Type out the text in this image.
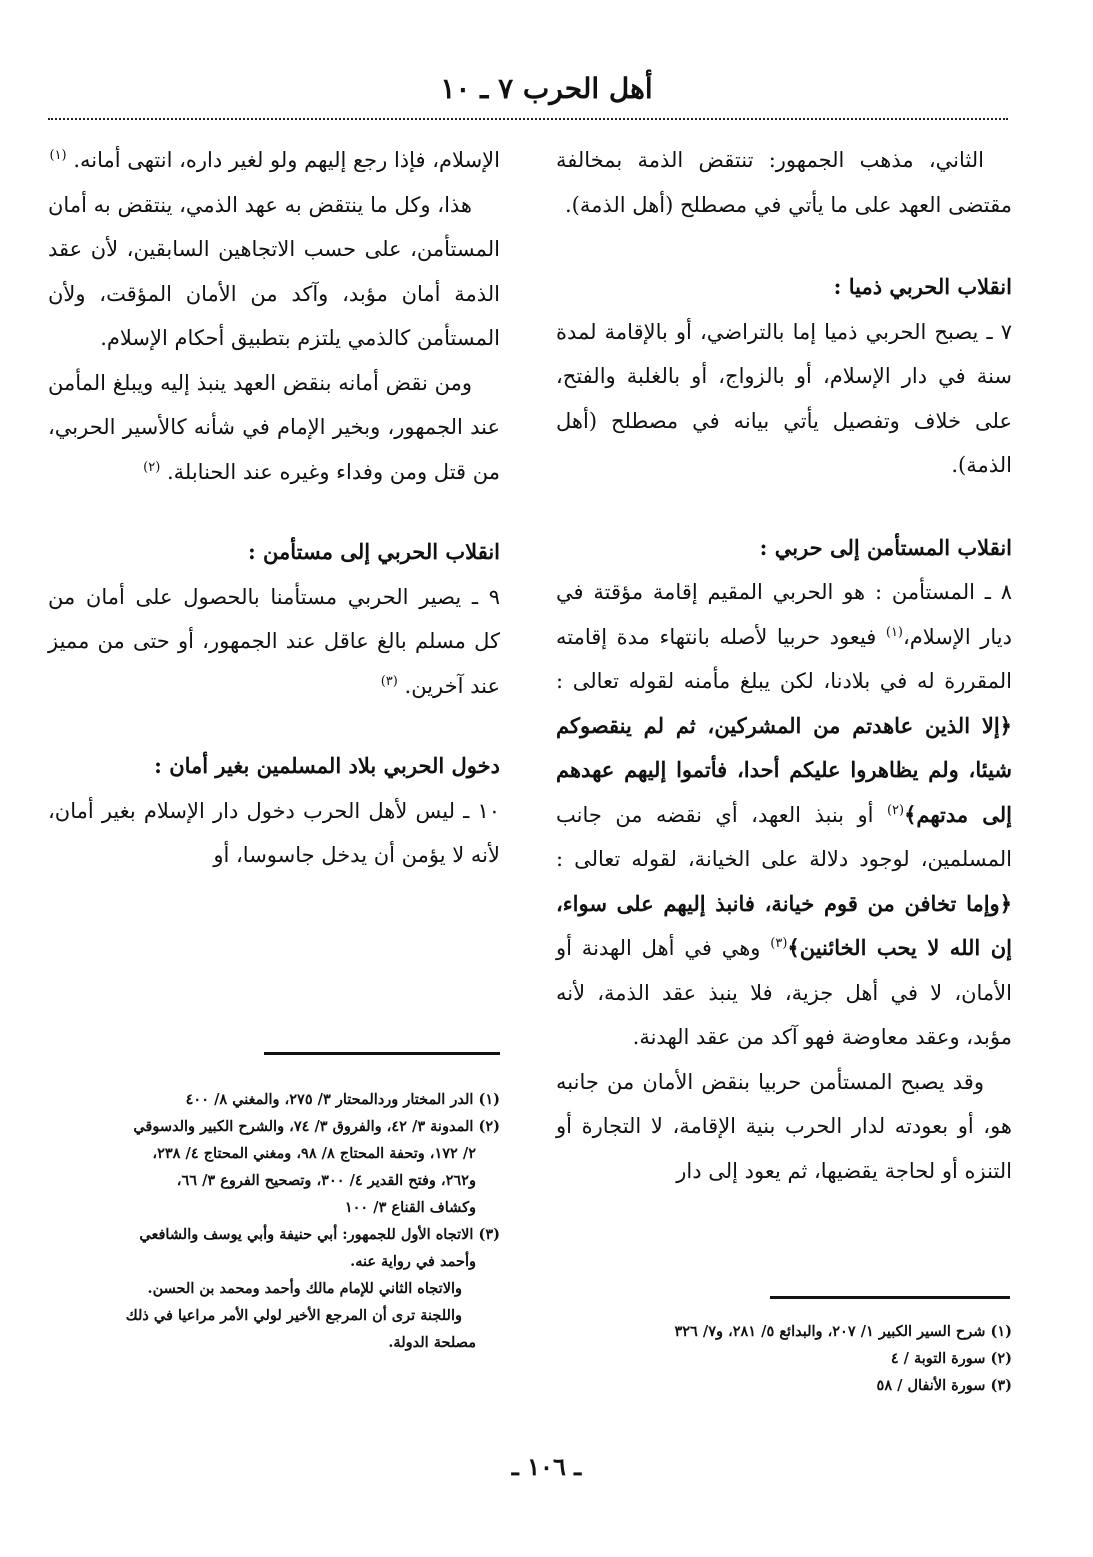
أهل الحرب ٧ ـ ١٠

الثاني، مذهب الجمهور: تنتقض الذمة بمخالفة مقتضى العهد على ما يأتي في مصطلح (أهل الذمة).

انقلاب الحربي ذميا :

٧ ـ يصبح الحربي ذميا إما بالتراضي، أو بالإقامة لمدة سنة في دار الإسلام، أو بالزواج، أو بالغلبة والفتح، على خلاف وتفصيل يأتي بيانه في مصطلح (أهل الذمة).

انقلاب المستأمن إلى حربي :

٨ ـ المستأمن : هو الحربي المقيم إقامة مؤقتة في ديار الإسلام،$^{(١)}$ فيعود حربيا لأصله بانتهاء مدة إقامته المقررة له في بلادنا، لكن يبلغ مأمنه لقوله تعالى : ﴿إلا الذين عاهدتم من المشركين، ثم لم ينقصوكم شيئا، ولم يظاهروا عليكم أحدا، فأتموا إليهم عهدهم إلى مدتهم﴾$^{(٢)}$ أو بنبذ العهد، أي نقضه من جانب المسلمين، لوجود دلالة على الخيانة، لقوله تعالى : ﴿وإما تخافن من قوم خيانة، فانبذ إليهم على سواء، إن الله لا يحب الخائنين﴾$^{(٣)}$ وهي في أهل الهدنة أو الأمان، لا في أهل جزية، فلا ينبذ عقد الذمة، لأنه مؤبد، وعقد معاوضة فهو آكد من عقد الهدنة.

وقد يصبح المستأمن حربيا بنقض الأمان من جانبه هو، أو بعودته لدار الحرب بنية الإقامة، لا التجارة أو التنزه أو لحاجة يقضيها، ثم يعود إلى دار

الإسلام، فإذا رجع إليهم ولو لغير داره، انتهى أمانه. $^{(١)}$

هذا، وكل ما ينتقض به عهد الذمي، ينتقض به أمان المستأمن، على حسب الاتجاهين السابقين، لأن عقد الذمة أمان مؤبد، وآكد من الأمان المؤقت، ولأن المستأمن كالذمي يلتزم بتطبيق أحكام الإسلام.

ومن نقض أمانه بنقض العهد ينبذ إليه ويبلغ المأمن عند الجمهور، وبخير الإمام في شأنه كالأسير الحربي، من قتل ومن وفداء وغيره عند الحنابلة. $^{(٢)}$

انقلاب الحربي إلى مستأمن :

٩ ـ يصير الحربي مستأمنا بالحصول على أمان من كل مسلم بالغ عاقل عند الجمهور، أو حتى من مميز عند آخرين. $^{(٣)}$

دخول الحربي بلاد المسلمين بغير أمان :

١٠ ـ ليس لأهل الحرب دخول دار الإسلام بغير أمان، لأنه لا يؤمن أن يدخل جاسوسا، أو

(١) الدر المختار وردالمحتار ٣/ ٢٧٥، والمغني ٨/ ٤٠٠

(٢) المدونة ٣/ ٤٢، والفروق ٣/ ٧٤، والشرح الكبير والدسوقي

٢/ ١٧٢، وتحفة المحتاج ٨/ ٩٨، ومغني المحتاج ٤/ ٢٣٨،

و٢٦٢، وفتح القدير ٤/ ٣٠٠، وتصحيح الفروع ٣/ ٦٦،

وكشاف القناع ٣/ ١٠٠

(٣) الاتجاه الأول للجمهور: أبي حنيفة وأبي يوسف والشافعي

وأحمد في رواية عنه.

والاتجاه الثاني للإمام مالك وأحمد ومحمد بن الحسن.

واللجنة ترى أن المرجع الأخير لولي الأمر مراعيا في ذلك

مصلحة الدولة.

(١) شرح السير الكبير ١/ ٢٠٧، والبدائع ٥/ ٢٨١، و٧/ ٣٢٦

(٢) سورة التوبة / ٤

(٣) سورة الأنفال / ٥٨

ـ ١٠٦ ـ
